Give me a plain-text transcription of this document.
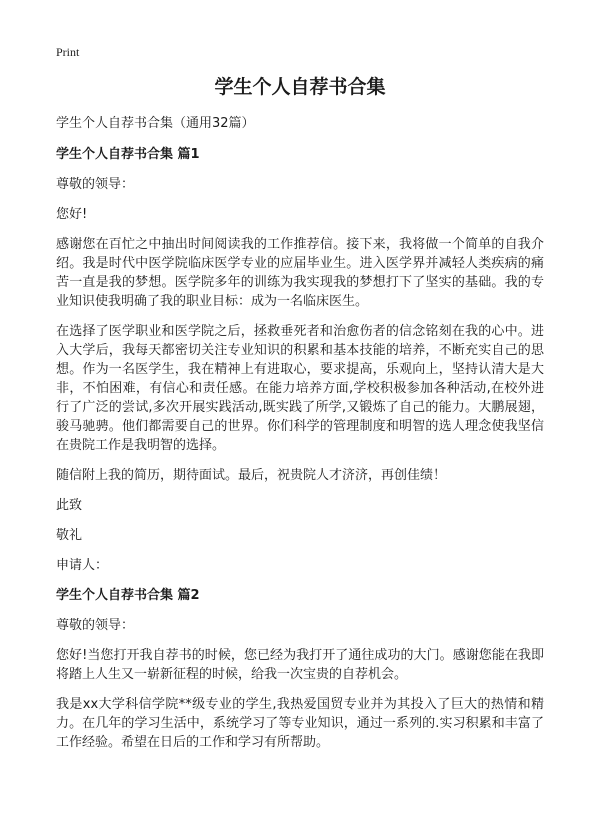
Print
学生个人自荐书合集
学生个人自荐书合集（通用32篇）
学生个人自荐书合集 篇1
尊敬的领导：
您好!
感谢您在百忙之中抽出时间阅读我的工作推荐信。接下来，我将做一个简单的自我介绍。我是时代中医学院临床医学专业的应届毕业生。进入医学界并减轻人类疾病的痛苦一直是我的梦想。医学院多年的训练为我实现我的梦想打下了坚实的基础。我的专业知识使我明确了我的职业目标：成为一名临床医生。
在选择了医学职业和医学院之后，拯救垂死者和治愈伤者的信念铭刻在我的心中。进入大学后，我每天都密切关注专业知识的积累和基本技能的培养，不断充实自己的思想。作为一名医学生，我在精神上有进取心，要求提高，乐观向上，坚持认清大是大非，不怕困难，有信心和责任感。在能力培养方面,学校积极参加各种活动,在校外进行了广泛的尝试,多次开展实践活动,既实践了所学,又锻炼了自己的能力。大鹏展翅，骏马驰骋。他们都需要自己的世界。你们科学的管理制度和明智的选人理念使我坚信在贵院工作是我明智的选择。
随信附上我的简历，期待面试。最后，祝贵院人才济济，再创佳绩！
此致
敬礼
申请人：
学生个人自荐书合集 篇2
尊敬的领导：
您好!当您打开我自荐书的时候，您已经为我打开了通往成功的大门。感谢您能在我即将踏上人生又一崭新征程的时候，给我一次宝贵的自荐机会。
我是xx大学科信学院**级专业的学生,我热爱国贸专业并为其投入了巨大的热情和精力。在几年的学习生活中，系统学习了等专业知识，通过一系列的.实习积累和丰富了工作经验。希望在日后的工作和学习有所帮助。
